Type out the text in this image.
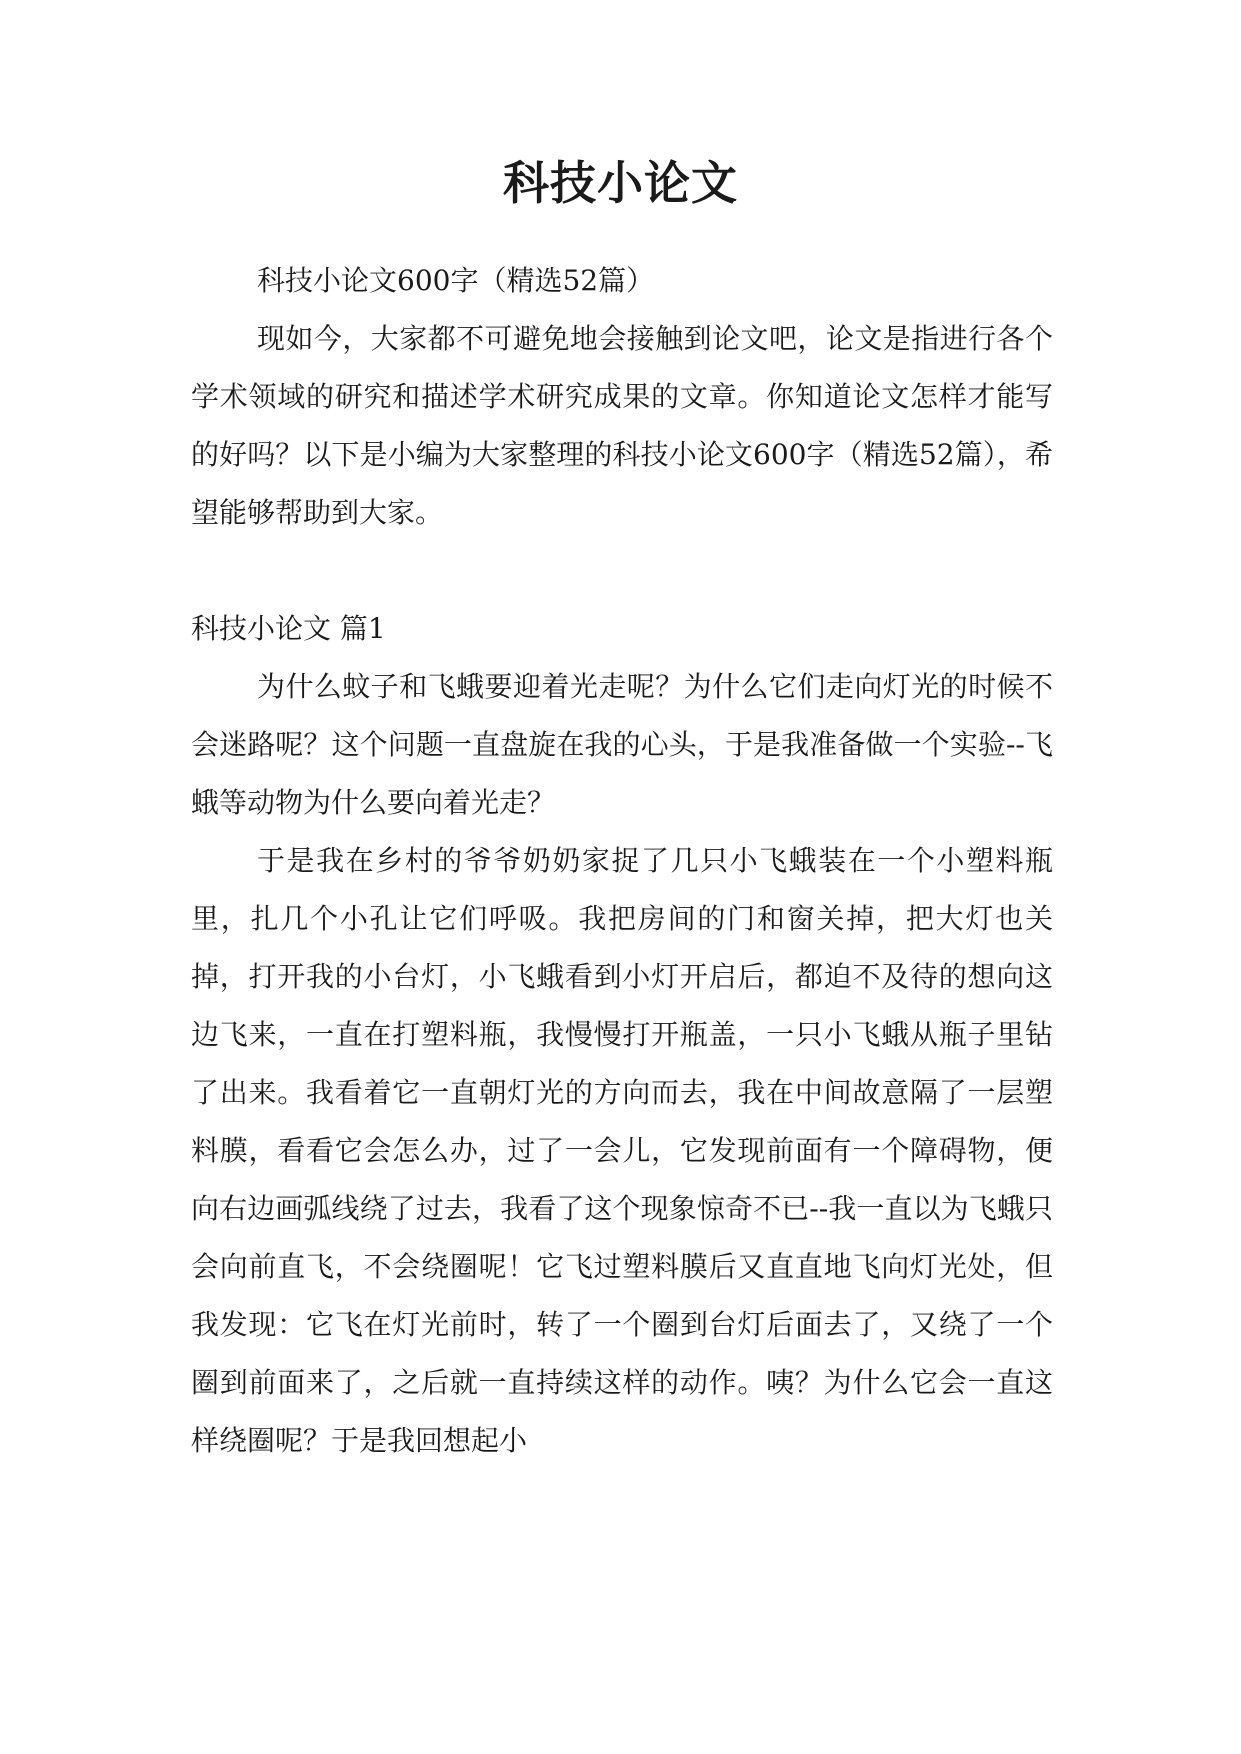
科技小论文

科技小论文600字（精选52篇）

现如今，大家都不可避免地会接触到论文吧，论文是指进行各个学术领域的研究和描述学术研究成果的文章。你知道论文怎样才能写的好吗？以下是小编为大家整理的科技小论文600字（精选52篇），希望能够帮助到大家。

科技小论文 篇1

为什么蚊子和飞蛾要迎着光走呢？为什么它们走向灯光的时候不会迷路呢？这个问题一直盘旋在我的心头，于是我准备做一个实验--飞蛾等动物为什么要向着光走？

于是我在乡村的爷爷奶奶家捉了几只小飞蛾装在一个小塑料瓶里，扎几个小孔让它们呼吸。我把房间的门和窗关掉，把大灯也关掉，打开我的小台灯，小飞蛾看到小灯开启后，都迫不及待的想向这边飞来，一直在打塑料瓶，我慢慢打开瓶盖，一只小飞蛾从瓶子里钻了出来。我看着它一直朝灯光的方向而去，我在中间故意隔了一层塑料膜，看看它会怎么办，过了一会儿，它发现前面有一个障碍物，便向右边画弧线绕了过去，我看了这个现象惊奇不已--我一直以为飞蛾只会向前直飞，不会绕圈呢！它飞过塑料膜后又直直地飞向灯光处，但我发现：它飞在灯光前时，转了一个圈到台灯后面去了，又绕了一个圈到前面来了，之后就一直持续这样的动作。咦？为什么它会一直这样绕圈呢？于是我回想起小
